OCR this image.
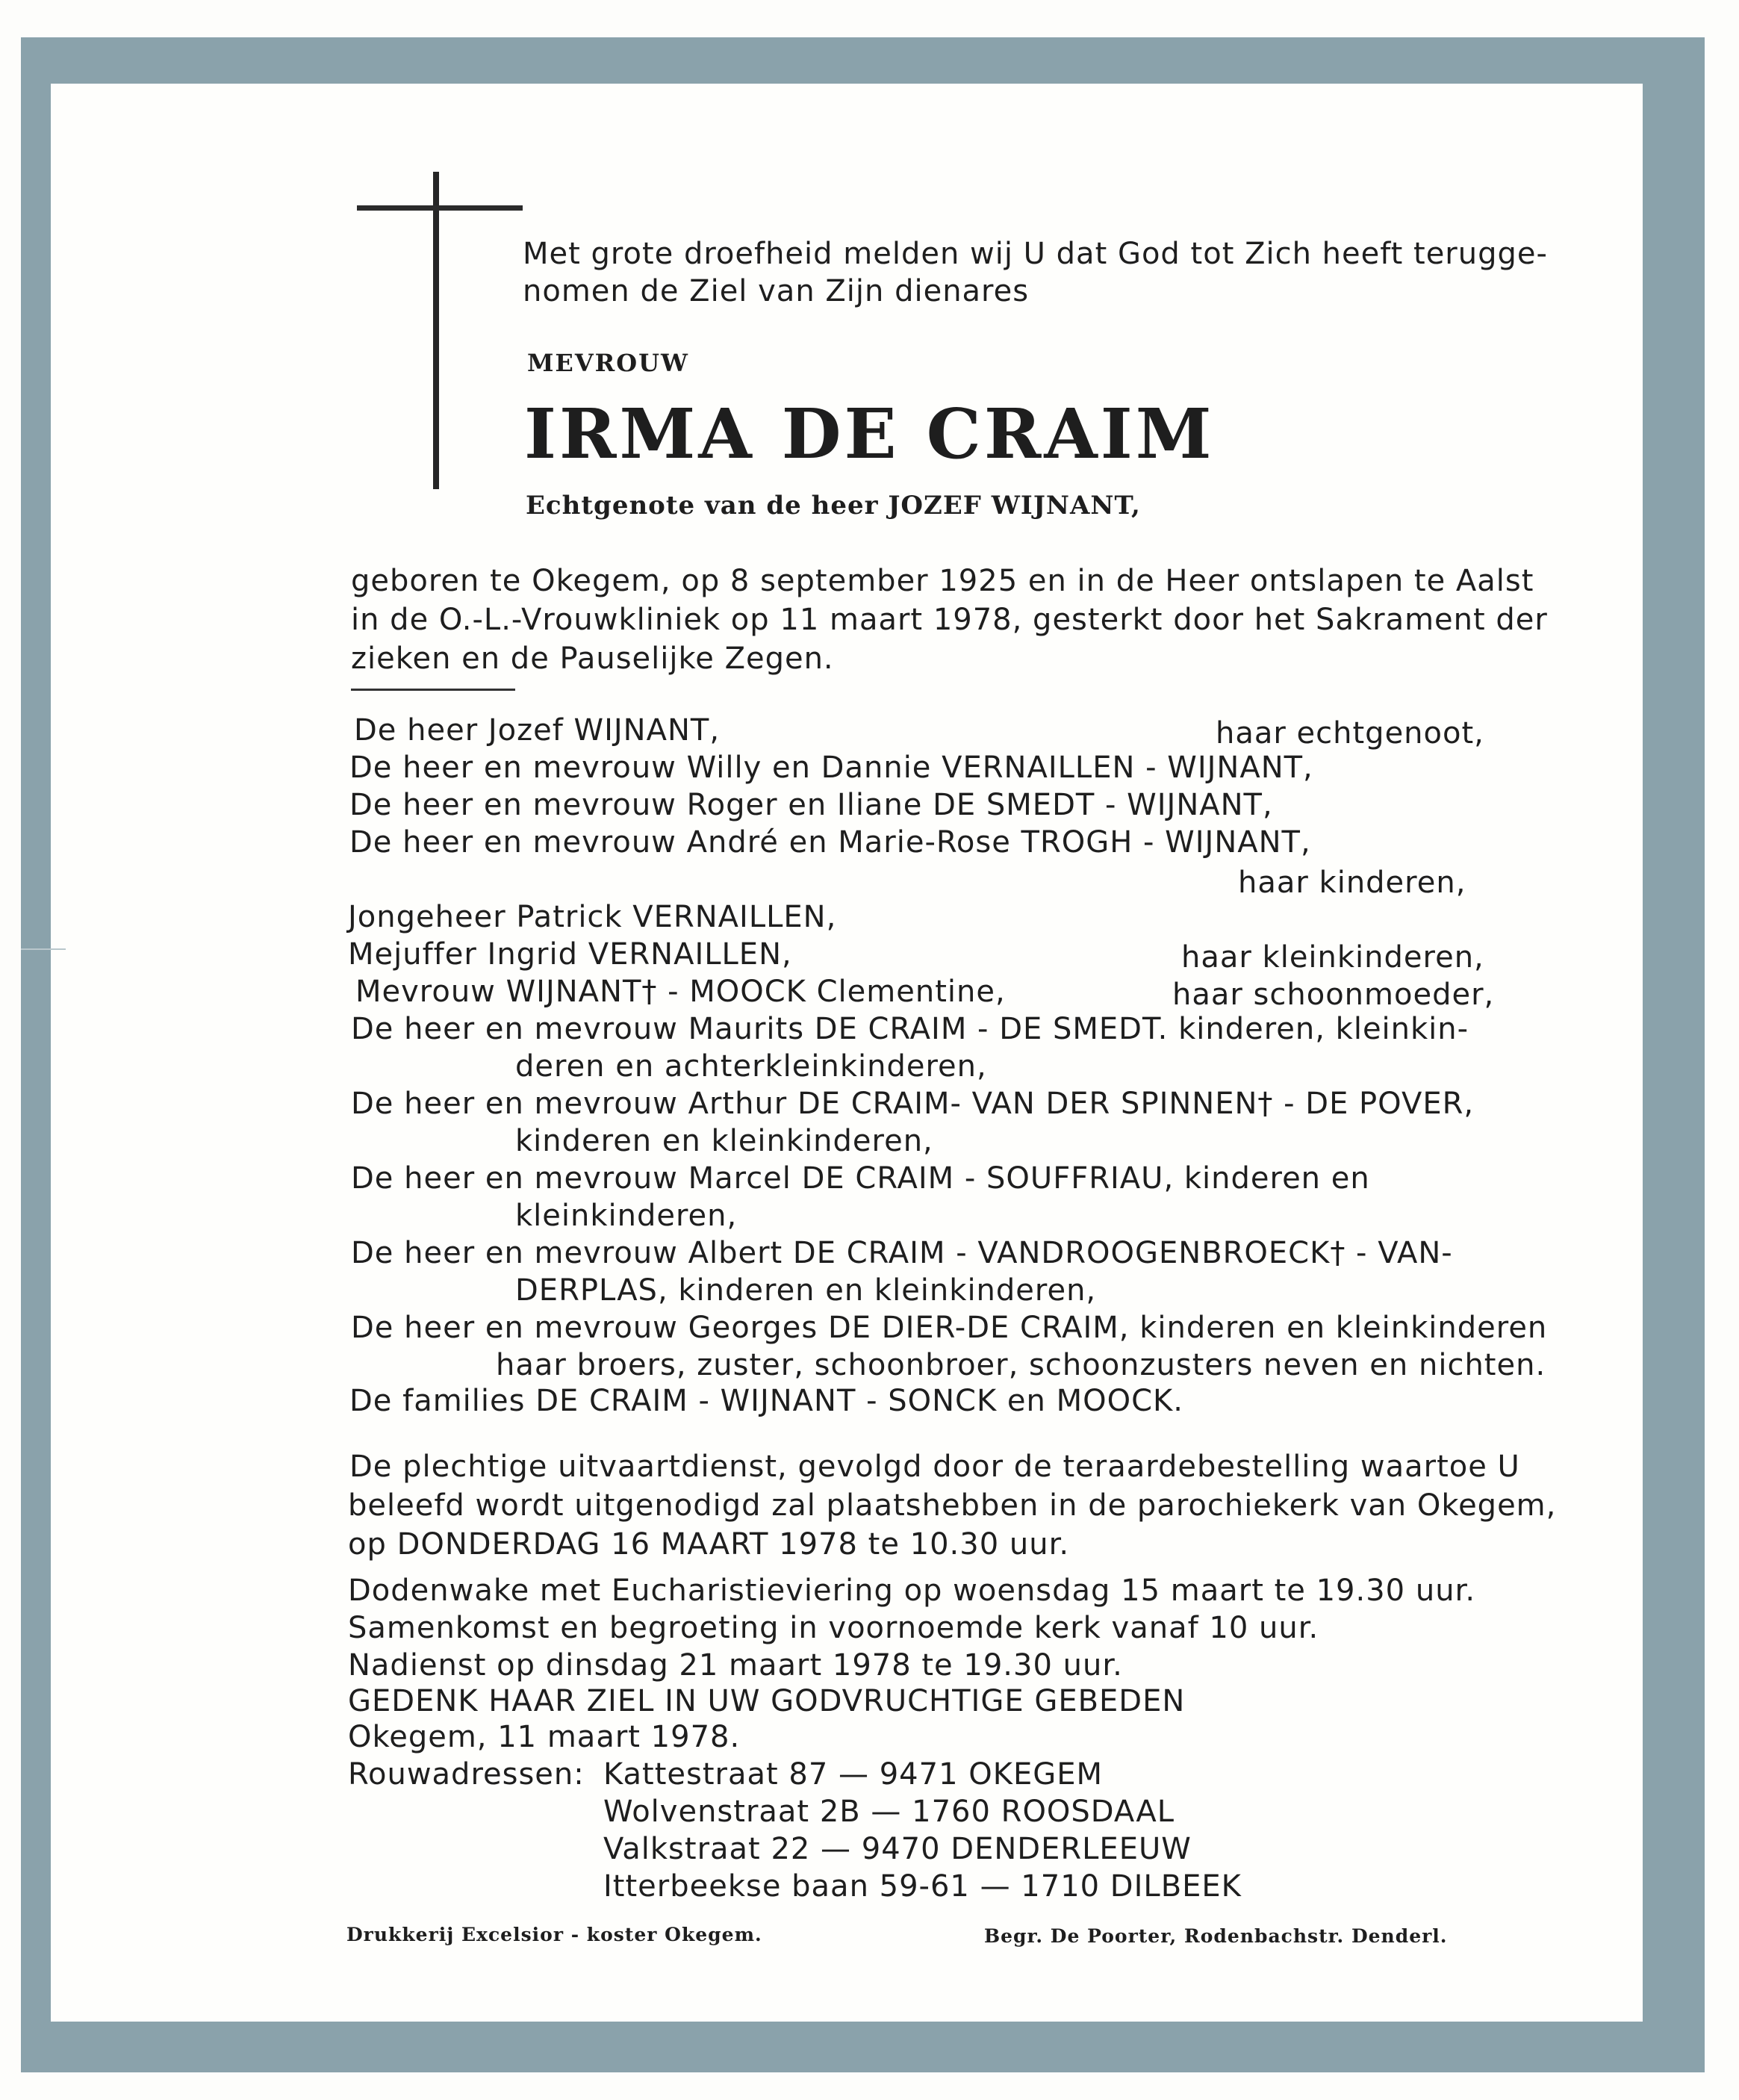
Met grote droefheid melden wij U dat God tot Zich heeft terugge-
nomen de Ziel van Zijn dienares
MEVROUW
IRMA DE CRAIM
Echtgenote van de heer JOZEF WIJNANT,
geboren te Okegem, op 8 september 1925 en in de Heer ontslapen te Aalst
in de O.-L.-Vrouwkliniek op 11 maart 1978, gesterkt door het Sakrament der
zieken en de Pauselijke Zegen.
De heer Jozef WIJNANT,	haar echtgenoot,
De heer en mevrouw Willy en Dannie VERNAILLEN - WIJNANT,
De heer en mevrouw Roger en Iliane DE SMEDT - WIJNANT,
De heer en mevrouw André en Marie-Rose TROGH - WIJNANT,
haar kinderen,
Jongeheer Patrick VERNAILLEN,
Mejuffer Ingrid VERNAILLEN,	haar kleinkinderen,
Mevrouw WIJNANT† - MOOCK Clementine,	haar schoonmoeder,
De heer en mevrouw Maurits DE CRAIM - DE SMEDT. kinderen, kleinkin-
deren en achterkleinkinderen,
De heer en mevrouw Arthur DE CRAIM- VAN DER SPINNEN† - DE POVER,
kinderen en kleinkinderen,
De heer en mevrouw Marcel DE CRAIM - SOUFFRIAU, kinderen en
kleinkinderen,
De heer en mevrouw Albert DE CRAIM - VANDROOGENBROECK† - VAN-
DERPLAS, kinderen en kleinkinderen,
De heer en mevrouw Georges DE DIER-DE CRAIM, kinderen en kleinkinderen
haar broers, zuster, schoonbroer, schoonzusters neven en nichten.
De families DE CRAIM - WIJNANT - SONCK en MOOCK.
De plechtige uitvaartdienst, gevolgd door de teraardebestelling waartoe U
beleefd wordt uitgenodigd zal plaatshebben in de parochiekerk van Okegem,
op DONDERDAG 16 MAART 1978 te 10.30 uur.
Dodenwake met Eucharistieviering op woensdag 15 maart te 19.30 uur.
Samenkomst en begroeting in voornoemde kerk vanaf 10 uur.
Nadienst op dinsdag 21 maart 1978 te 19.30 uur.
GEDENK HAAR ZIEL IN UW GODVRUCHTIGE GEBEDEN
Okegem, 11 maart 1978.
Rouwadressen: Kattestraat 87 — 9471 OKEGEM
Wolvenstraat 2B — 1760 ROOSDAAL
Valkstraat 22 — 9470 DENDERLEEUW
Itterbeekse baan 59-61 — 1710 DILBEEK
Drukkerij Excelsior - koster Okegem.	Begr. De Poorter, Rodenbachstr. Denderl.
